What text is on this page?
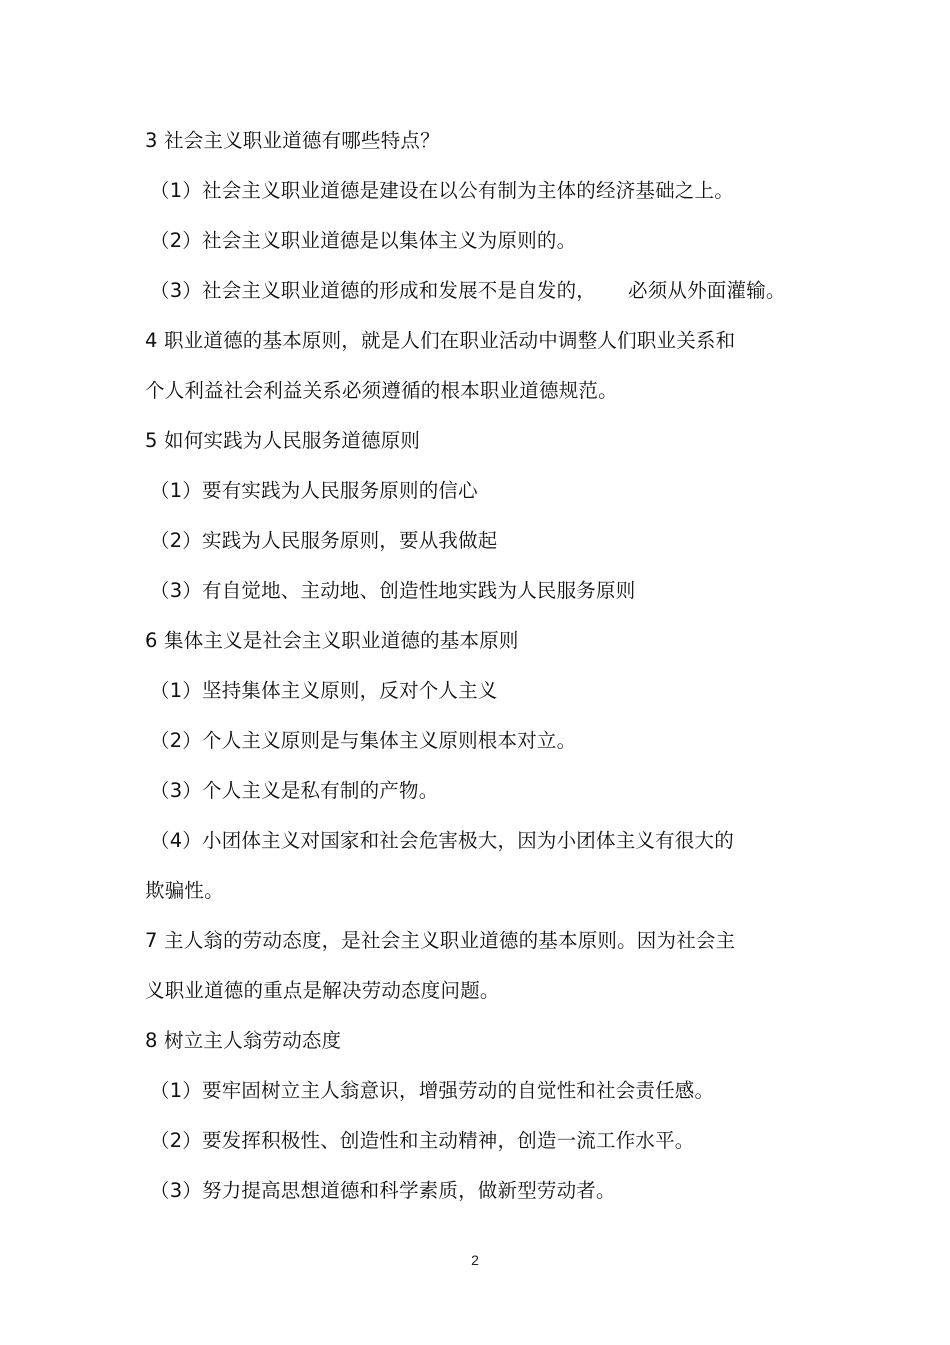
3 社会主义职业道德有哪些特点？
（1）社会主义职业道德是建设在以公有制为主体的经济基础之上。
（2）社会主义职业道德是以集体主义为原则的。
（3）社会主义职业道德的形成和发展不是自发的，     必须从外面灌输。
4 职业道德的基本原则，就是人们在职业活动中调整人们职业关系和
个人利益社会利益关系必须遵循的根本职业道德规范。
5 如何实践为人民服务道德原则
（1）要有实践为人民服务原则的信心
（2）实践为人民服务原则，要从我做起
（3）有自觉地、主动地、创造性地实践为人民服务原则
6 集体主义是社会主义职业道德的基本原则
（1）坚持集体主义原则，反对个人主义
（2）个人主义原则是与集体主义原则根本对立。
（3）个人主义是私有制的产物。
（4）小团体主义对国家和社会危害极大，因为小团体主义有很大的
欺骗性。
7 主人翁的劳动态度，是社会主义职业道德的基本原则。因为社会主
义职业道德的重点是解决劳动态度问题。
8 树立主人翁劳动态度
（1）要牢固树立主人翁意识，增强劳动的自觉性和社会责任感。
（2）要发挥积极性、创造性和主动精神，创造一流工作水平。
（3）努力提高思想道德和科学素质，做新型劳动者。
2
